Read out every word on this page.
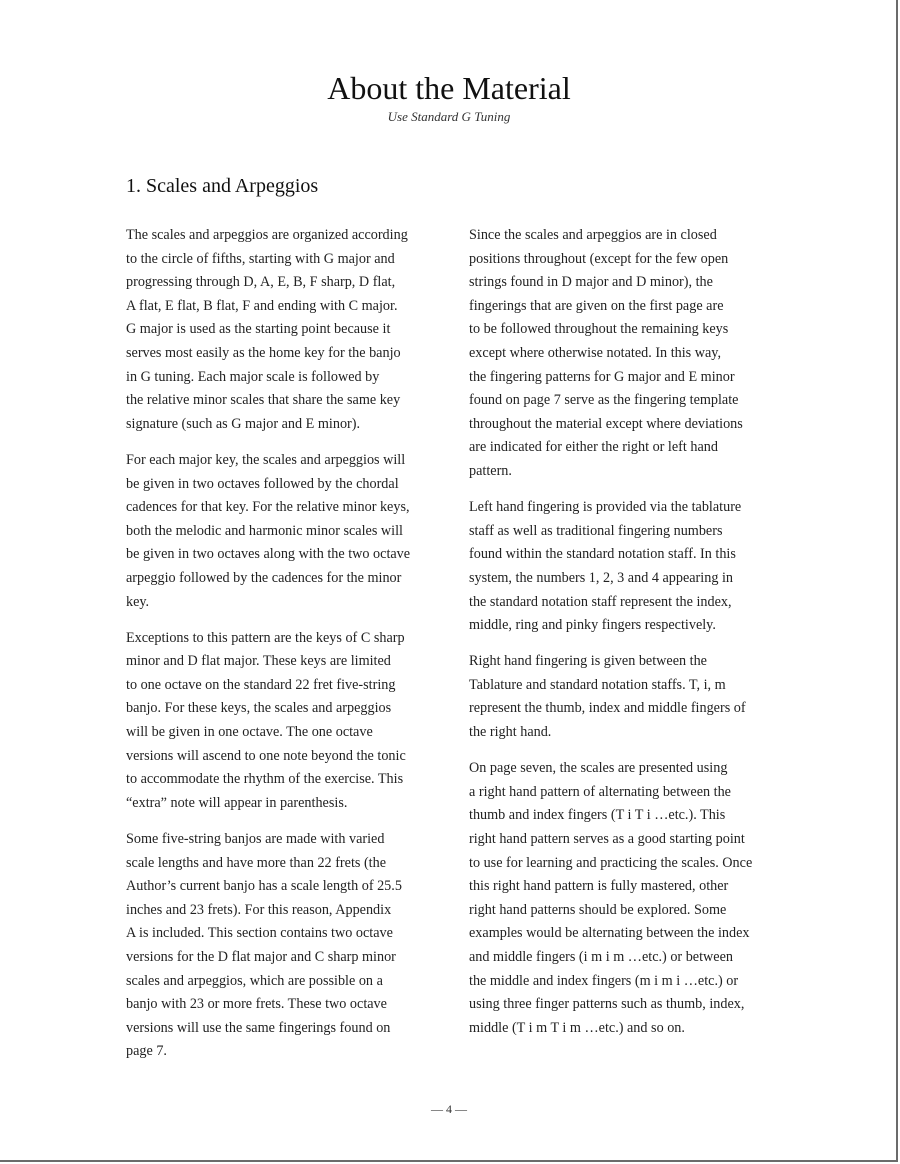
About the Material
Use Standard G Tuning
1. Scales and Arpeggios

The scales and arpeggios are organized according
to the circle of fifths, starting with G major and
progressing through D, A, E, B, F sharp, D flat,
A flat, E flat, B flat, F and ending with C major.
G major is used as the starting point because it
serves most easily as the home key for the banjo
in G tuning. Each major scale is followed by
the relative minor scales that share the same key
signature (such as G major and E minor).

For each major key, the scales and arpeggios will
be given in two octaves followed by the chordal
cadences for that key. For the relative minor keys,
both the melodic and harmonic minor scales will
be given in two octaves along with the two octave
arpeggio followed by the cadences for the minor
key.

Exceptions to this pattern are the keys of C sharp
minor and D flat major. These keys are limited
to one octave on the standard 22 fret five-string
banjo. For these keys, the scales and arpeggios
will be given in one octave. The one octave
versions will ascend to one note beyond the tonic
to accommodate the rhythm of the exercise. This
“extra” note will appear in parenthesis.

Some five-string banjos are made with varied
scale lengths and have more than 22 frets (the
Author’s current banjo has a scale length of 25.5
inches and 23 frets). For this reason, Appendix
A is included. This section contains two octave
versions for the D flat major and C sharp minor
scales and arpeggios, which are possible on a
banjo with 23 or more frets. These two octave
versions will use the same fingerings found on
page 7.

Since the scales and arpeggios are in closed
positions throughout (except for the few open
strings found in D major and D minor), the
fingerings that are given on the first page are
to be followed throughout the remaining keys
except where otherwise notated. In this way,
the fingering patterns for G major and E minor
found on page 7 serve as the fingering template
throughout the material except where deviations
are indicated for either the right or left hand
pattern.

Left hand fingering is provided via the tablature
staff as well as traditional fingering numbers
found within the standard notation staff. In this
system, the numbers 1, 2, 3 and 4 appearing in
the standard notation staff represent the index,
middle, ring and pinky fingers respectively.

Right hand fingering is given between the
Tablature and standard notation staffs. T, i, m
represent the thumb, index and middle fingers of
the right hand.

On page seven, the scales are presented using
a right hand pattern of alternating between the
thumb and index fingers (T i T i …etc.). This
right hand pattern serves as a good starting point
to use for learning and practicing the scales. Once
this right hand pattern is fully mastered, other
right hand patterns should be explored. Some
examples would be alternating between the index
and middle fingers (i m i m …etc.) or between
the middle and index fingers (m i m i …etc.) or
using three finger patterns such as thumb, index,
middle (T i m T i m …etc.) and so on.

— 4 —
